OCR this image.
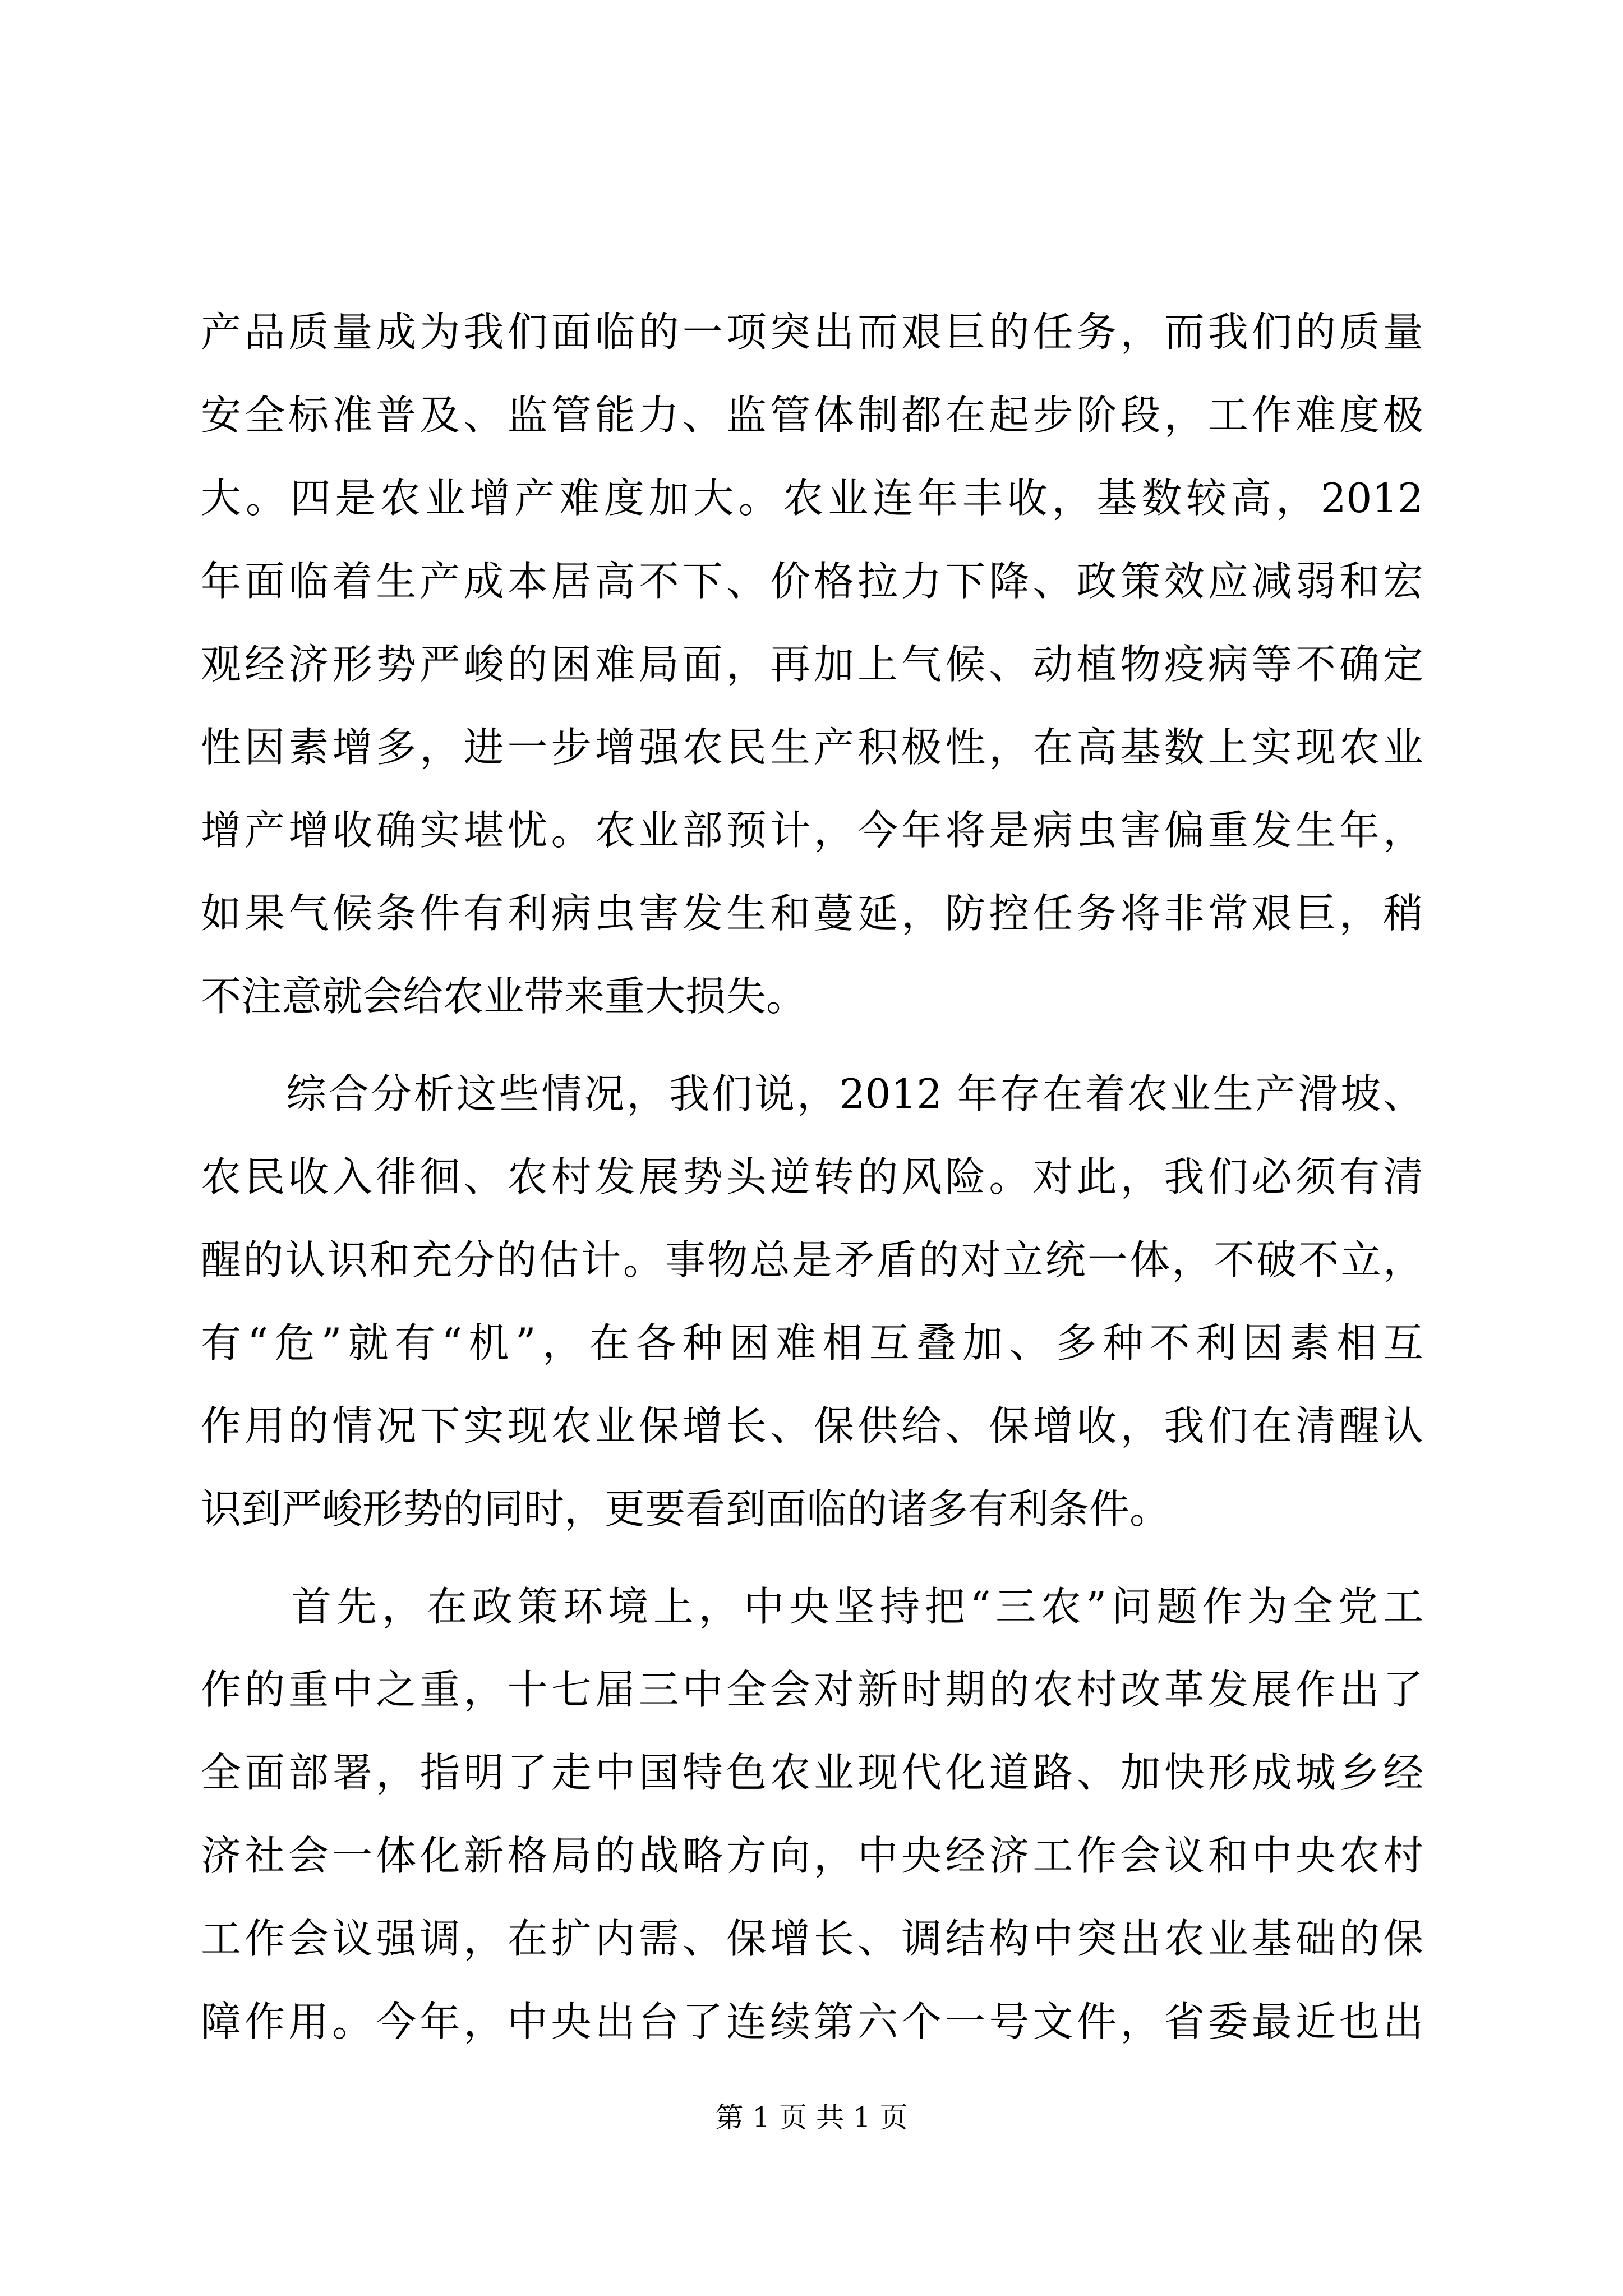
产品质量成为我们面临的一项突出而艰巨的任务，而我们的质量
安全标准普及、监管能力、监管体制都在起步阶段，工作难度极
大。四是农业增产难度加大。农业连年丰收，基数较高，2012
年面临着生产成本居高不下、价格拉力下降、政策效应减弱和宏
观经济形势严峻的困难局面，再加上气候、动植物疫病等不确定
性因素增多，进一步增强农民生产积极性，在高基数上实现农业
增产增收确实堪忧。农业部预计，今年将是病虫害偏重发生年，
如果气候条件有利病虫害发生和蔓延，防控任务将非常艰巨，稍
不注意就会给农业带来重大损失。
　　综合分析这些情况，我们说，2012 年存在着农业生产滑坡、
农民收入徘徊、农村发展势头逆转的风险。对此，我们必须有清
醒的认识和充分的估计。事物总是矛盾的对立统一体，不破不立，
有“危”就有“机”，在各种困难相互叠加、多种不利因素相互
作用的情况下实现农业保增长、保供给、保增收，我们在清醒认
识到严峻形势的同时，更要看到面临的诸多有利条件。
　　首先，在政策环境上，中央坚持把“三农”问题作为全党工
作的重中之重，十七届三中全会对新时期的农村改革发展作出了
全面部署，指明了走中国特色农业现代化道路、加快形成城乡经
济社会一体化新格局的战略方向，中央经济工作会议和中央农村
工作会议强调，在扩内需、保增长、调结构中突出农业基础的保
障作用。今年，中央出台了连续第六个一号文件，省委最近也出
第 1 页 共 1 页
